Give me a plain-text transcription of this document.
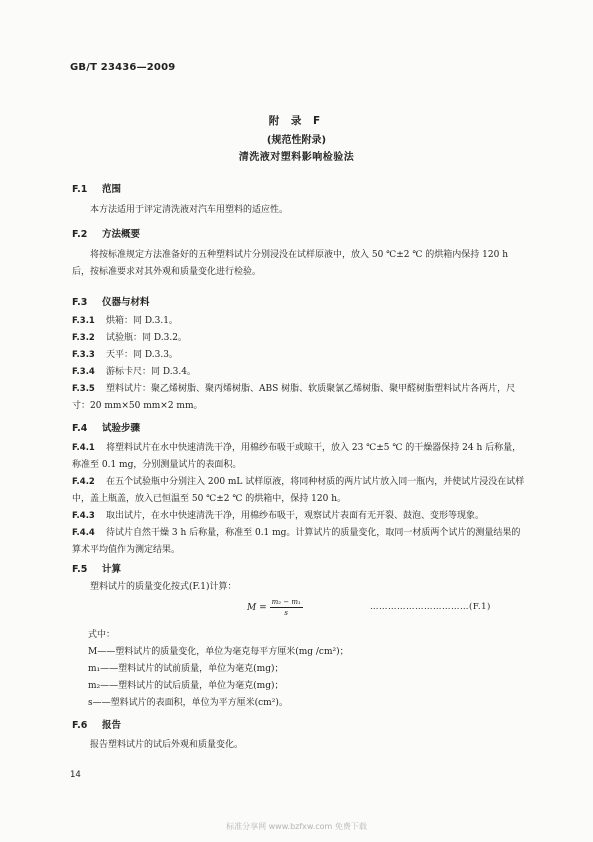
GB/T 23436—2009
附 录 F
(规范性附录)
清洗液对塑料影响检验法
F.1 范围
本方法适用于评定清洗液对汽车用塑料的适应性。
F.2 方法概要
将按标准规定方法准备好的五种塑料试片分别浸没在试样原液中，放入 50 ℃±2 ℃ 的烘箱内保持 120 h 后，按标准要求对其外观和质量变化进行检验。
F.3 仪器与材料
F.3.1 烘箱：同 D.3.1。
F.3.2 试验瓶：同 D.3.2。
F.3.3 天平：同 D.3.3。
F.3.4 游标卡尺：同 D.3.4。
F.3.5 塑料试片：聚乙烯树脂、聚丙烯树脂、ABS 树脂、软质聚氯乙烯树脂、聚甲醛树脂塑料试片各两片，尺寸：20 mm×50 mm×2 mm。
F.4 试验步骤
F.4.1 将塑料试片在水中快速清洗干净，用棉纱布吸干或晾干，放入 23 ℃±5 ℃ 的干燥器保持 24 h 后称量，称准至 0.1 mg，分别测量试片的表面积。
F.4.2 在五个试验瓶中分别注入 200 mL 试样原液，将同种材质的两片试片放入同一瓶内，并使试片浸没在试样中，盖上瓶盖，放入已恒温至 50 ℃±2 ℃ 的烘箱中，保持 120 h。
F.4.3 取出试片，在水中快速清洗干净，用棉纱布吸干，观察试片表面有无开裂、鼓泡、变形等现象。
F.4.4 待试片自然干燥 3 h 后称量，称准至 0.1 mg。计算试片的质量变化，取同一材质两个试片的测量结果的算术平均值作为测定结果。
F.5 计算
塑料试片的质量变化按式(F.1)计算：
$M = \frac{\text{m₂ − m₁}}{s}$	……………………………(F.1)
式中：
M——塑料试片的质量变化，单位为毫克每平方厘米(mg /cm²)；
m₁——塑料试片的试前质量，单位为毫克(mg)；
m₂——塑料试片的试后质量，单位为毫克(mg)；
s——塑料试片的表面积，单位为平方厘米(cm²)。
F.6 报告
报告塑料试片的试后外观和质量变化。
14
标准分享网 www.bzfxw.com 免费下载
